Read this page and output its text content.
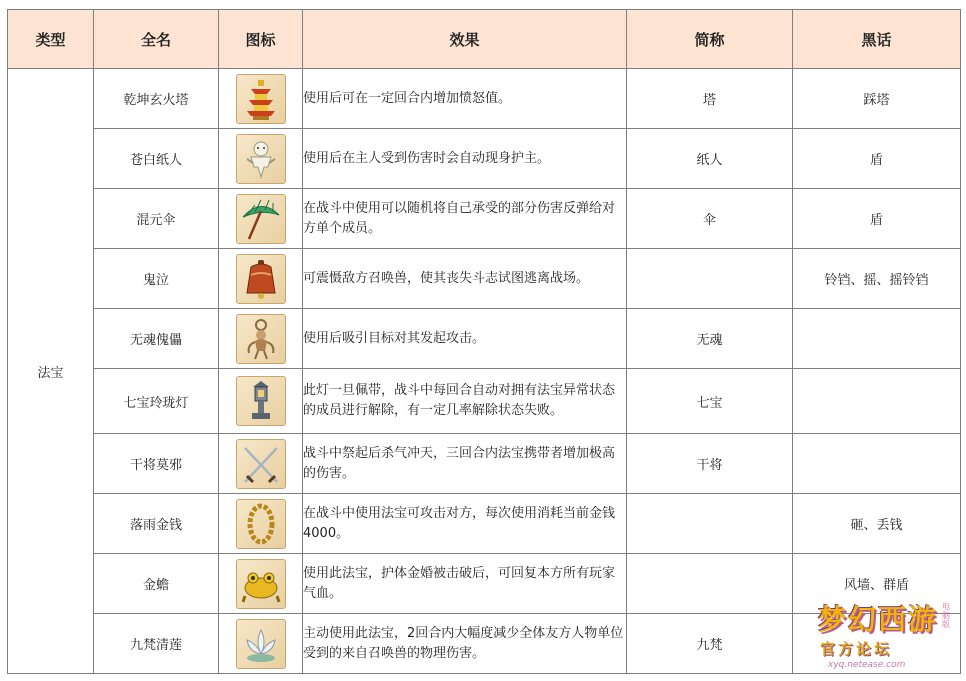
类型	全名	图标	效果	简称	黑话
法宝	乾坤玄火塔		使用后可在一定回合内增加愤怒值。	塔	踩塔
	苍白纸人		使用后在主人受到伤害时会自动现身护主。	纸人	盾
	混元伞		在战斗中使用可以随机将自己承受的部分伤害反弹给对方单个成员。	伞	盾
	鬼泣		可震慑敌方召唤兽，使其丧失斗志试图逃离战场。		铃铛、摇、摇铃铛
	无魂傀儡		使用后吸引目标对其发起攻击。	无魂	
	七宝玲珑灯		此灯一旦佩带，战斗中每回合自动对拥有法宝异常状态的成员进行解除，有一定几率解除状态失败。	七宝	
	干将莫邪		战斗中祭起后杀气冲天，三回合内法宝携带者增加极高的伤害。	干将	
	落雨金钱		在战斗中使用法宝可攻击对方，每次使用消耗当前金钱4000。		砸、丢钱
	金蟾		使用此法宝，护体金婚被击破后，可回复本方所有玩家气血。		风墙、群盾
	九梵清莲		主动使用此法宝，2回合内大幅度减少全体友方人物单位受到的来自召唤兽的物理伤害。	九梵	
梦幻西游 电脑版
官方论坛
xyq.netease.com
